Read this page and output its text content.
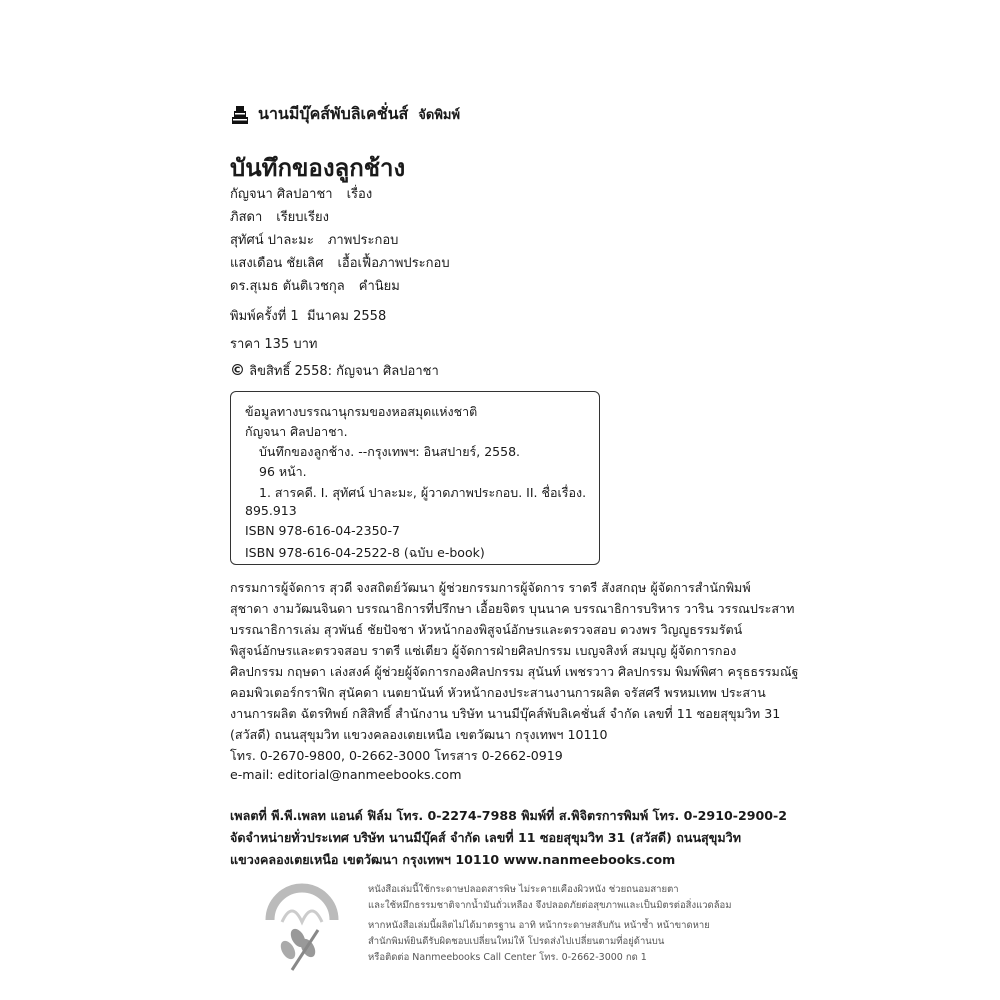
นานมีบุ๊คส์พับลิเคชั่นส์ จัดพิมพ์
บันทึกของลูกช้าง
กัญจนา ศิลปอาชา เรื่อง
ภิสดา เรียบเรียง
สุทัศน์ ปาละมะ ภาพประกอบ
แสงเดือน ชัยเลิศ เอื้อเฟื้อภาพประกอบ
ดร.สุเมธ ตันติเวชกุล คำนิยม
พิมพ์ครั้งที่ 1 มีนาคม 2558
ราคา 135 บาท
© ลิขสิทธิ์ 2558: กัญจนา ศิลปอาชา
ข้อมูลทางบรรณานุกรมของหอสมุดแห่งชาติ
กัญจนา ศิลปอาชา.
บันทึกของลูกช้าง. --กรุงเทพฯ: อินสปายร์, 2558.
96 หน้า.
1. สารคดี. I. สุทัศน์ ปาละมะ, ผู้วาดภาพประกอบ. II. ชื่อเรื่อง.
895.913
ISBN 978-616-04-2350-7
ISBN 978-616-04-2522-8 (ฉบับ e-book)
กรรมการผู้จัดการ สุวดี จงสถิตย์วัฒนา ผู้ช่วยกรรมการผู้จัดการ ราตรี สังสกฤษ ผู้จัดการสำนักพิมพ์
สุชาดา งามวัฒนจินดา บรรณาธิการที่ปรึกษา เอื้อยจิตร บุนนาค บรรณาธิการบริหาร วาริน วรรณประสาท
บรรณาธิการเล่ม สุวพันธ์ ชัยปัจชา หัวหน้ากองพิสูจน์อักษรและตรวจสอบ ดวงพร วิญญูธรรมรัตน์
พิสูจน์อักษรและตรวจสอบ ราตรี แซ่เตียว ผู้จัดการฝ่ายศิลปกรรม เบญจสิงห์ สมบุญ ผู้จัดการกอง
ศิลปกรรม กฤษดา เล่งสงค์ ผู้ช่วยผู้จัดการกองศิลปกรรม สุนันท์ เพชรวาว ศิลปกรรม พิมพ์พิศา ครุธธรรมณัฐ
คอมพิวเตอร์กราฟิก สุนัคดา เนตยานันท์ หัวหน้ากองประสานงานการผลิต จรัสศรี พรหมเทพ ประสาน
งานการผลิต ฉัตรทิพย์ กสิสิทธิ์ สำนักงาน บริษัท นานมีบุ๊คส์พับลิเคชั่นส์ จำกัด เลขที่ 11 ซอยสุขุมวิท 31
(สวัสดี) ถนนสุขุมวิท แขวงคลองเตยเหนือ เขตวัฒนา กรุงเทพฯ 10110
โทร. 0-2670-9800, 0-2662-3000 โทรสาร 0-2662-0919
e-mail: editorial@nanmeebooks.com
เพลตที่ พี.พี.เพลท แอนด์ ฟิล์ม โทร. 0-2274-7988 พิมพ์ที่ ส.พิจิตรการพิมพ์ โทร. 0-2910-2900-2
จัดจำหน่ายทั่วประเทศ บริษัท นานมีบุ๊คส์ จำกัด เลขที่ 11 ซอยสุขุมวิท 31 (สวัสดี) ถนนสุขุมวิท
แขวงคลองเตยเหนือ เขตวัฒนา กรุงเทพฯ 10110 www.nanmeebooks.com
หนังสือเล่มนี้ใช้กระดาษปลอดสารพิษ ไม่ระคายเคืองผิวหนัง ช่วยถนอมสายตา
และใช้หมึกธรรมชาติจากน้ำมันถั่วเหลือง จึงปลอดภัยต่อสุขภาพและเป็นมิตรต่อสิ่งแวดล้อม
หากหนังสือเล่มนี้ผลิตไม่ได้มาตรฐาน อาทิ หน้ากระดาษสลับกัน หน้าซ้ำ หน้าขาดหาย
สำนักพิมพ์ยินดีรับผิดชอบเปลี่ยนใหม่ให้ โปรดส่งไปเปลี่ยนตามที่อยู่ด้านบน
หรือติดต่อ Nanmeebooks Call Center โทร. 0-2662-3000 กด 1
